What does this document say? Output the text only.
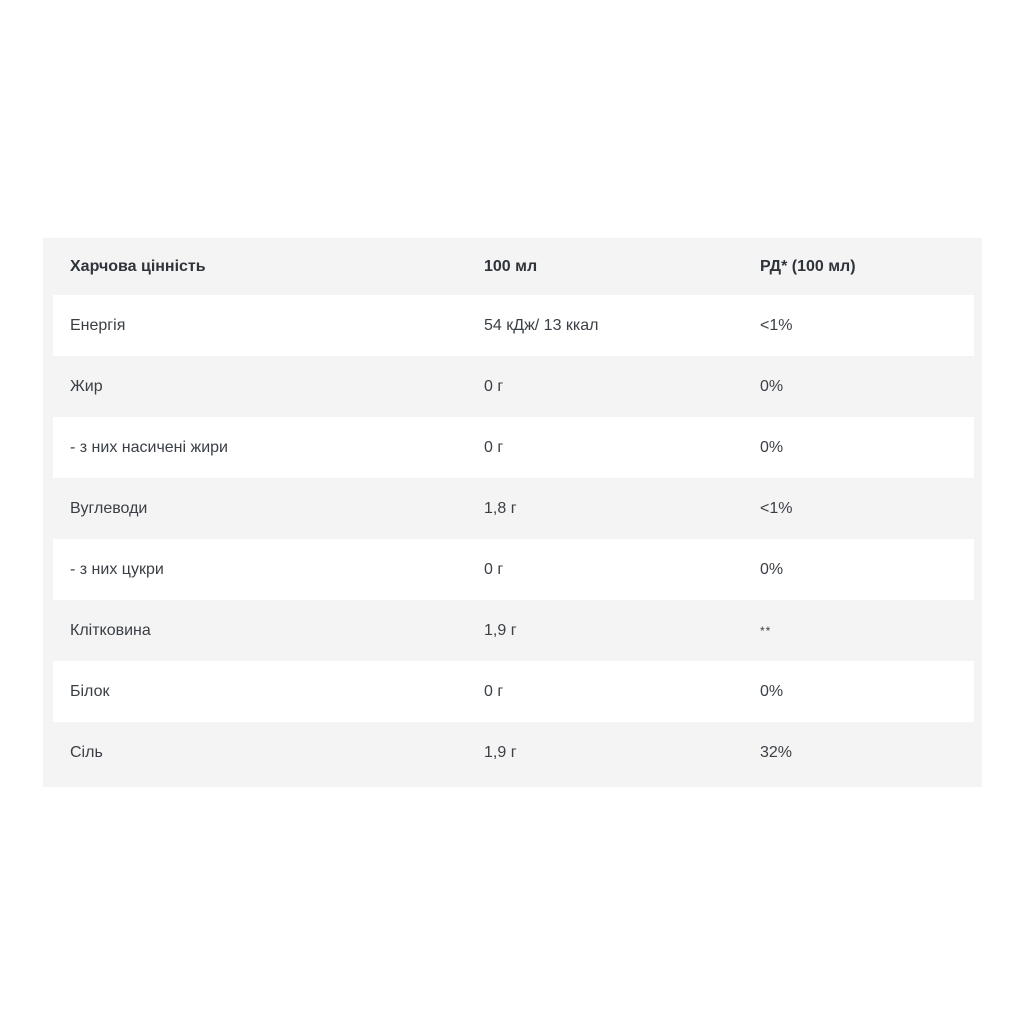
Харчова цінність	100 мл	РД* (100 мл)
Енергія	54 кДж/ 13 ккал	<1%
Жир	0 г	0%
- з них насичені жири	0 г	0%
Вуглеводи	1,8 г	<1%
- з них цукри	0 г	0%
Клітковина	1,9 г	**
Білок	0 г	0%
Сіль	1,9 г	32%
